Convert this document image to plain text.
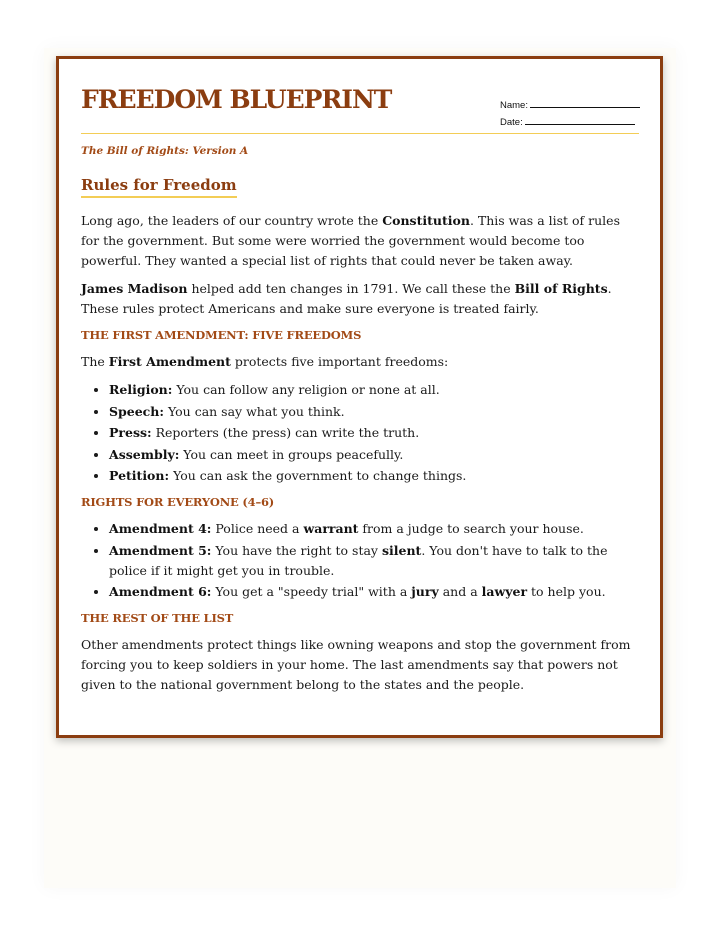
FREEDOM BLUEPRINT	Name:
Date:
The Bill of Rights: Version A
Rules for Freedom

Long ago, the leaders of our country wrote the Constitution. This was a list of rules for the government. But some were worried the government would become too powerful. They wanted a special list of rights that could never be taken away.

James Madison helped add ten changes in 1791. We call these the Bill of Rights. These rules protect Americans and make sure everyone is treated fairly.

THE FIRST AMENDMENT: FIVE FREEDOMS

The First Amendment protects five important freedoms:

• Religion: You can follow any religion or none at all.
• Speech: You can say what you think.
• Press: Reporters (the press) can write the truth.
• Assembly: You can meet in groups peacefully.
• Petition: You can ask the government to change things.
RIGHTS FOR EVERYONE (4–6)
• Amendment 4: Police need a warrant from a judge to search your house.
• Amendment 5: You have the right to stay silent. You don't have to talk to the police if it might get you in trouble.
• Amendment 6: You get a "speedy trial" with a jury and a lawyer to help you.
THE REST OF THE LIST

Other amendments protect things like owning weapons and stop the government from forcing you to keep soldiers in your home. The last amendments say that powers not given to the national government belong to the states and the people.
